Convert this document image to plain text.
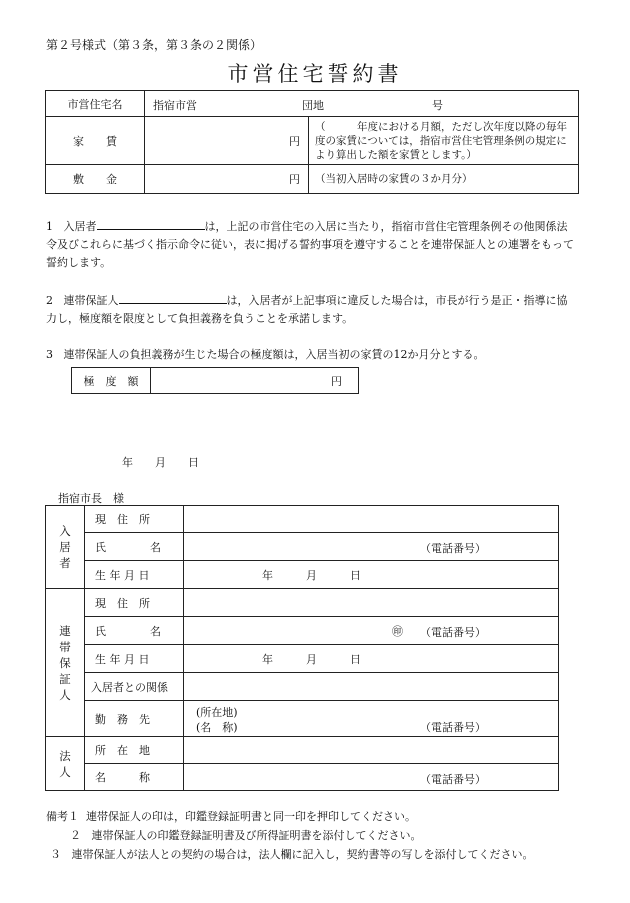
第２号様式（第３条，第３条の２関係）
市営住宅誓約書
市営住宅名	指宿市営 団地 号	

家　　賃	円	（　　　年度における月額，ただし次年度以降の毎年度の家賃については，指宿市営住宅管理条例の規定により算出した額を家賃とします。）
敷　　金	円	（当初入居時の家賃の３か月分）
1 入居者	は，上記の市営住宅の入居に当たり，指宿市営住宅管理条例その他関係法令及びこれらに基づく指示命令に従い，表に掲げる誓約事項を遵守することを連帯保証人との連署をもって誓約します。
2 連帯保証人	は，入居者が上記事項に違反した場合は，市長が行う是正・指導に協力し，極度額を限度として負担義務を負うことを承諾します。
3 連帯保証人の負担義務が生じた場合の極度額は，入居当初の家賃の12か月分とする。
極　度　額	円
年　　月　　日
指宿市長　様
入居者	現　住　所	
	氏　　　　名	（電話番号）

	生 年 月 日	年　　　月　　　日
連帯保証人	現　住　所	
	氏　　　　名	㊞ （電話番号）

	生 年 月 日	年　　　月　　　日
	入居者との関係	
	勤　務　先	(所在地)
(名　称) （電話番号）

法人	所　在　地	
	名　　　称	（電話番号）
備考１ 連帯保証人の印は，印鑑登録証明書と同一印を押印してください。
２ 連帯保証人の印鑑登録証明書及び所得証明書を添付してください。
３ 連帯保証人が法人との契約の場合は，法人欄に記入し，契約書等の写しを添付してください。
